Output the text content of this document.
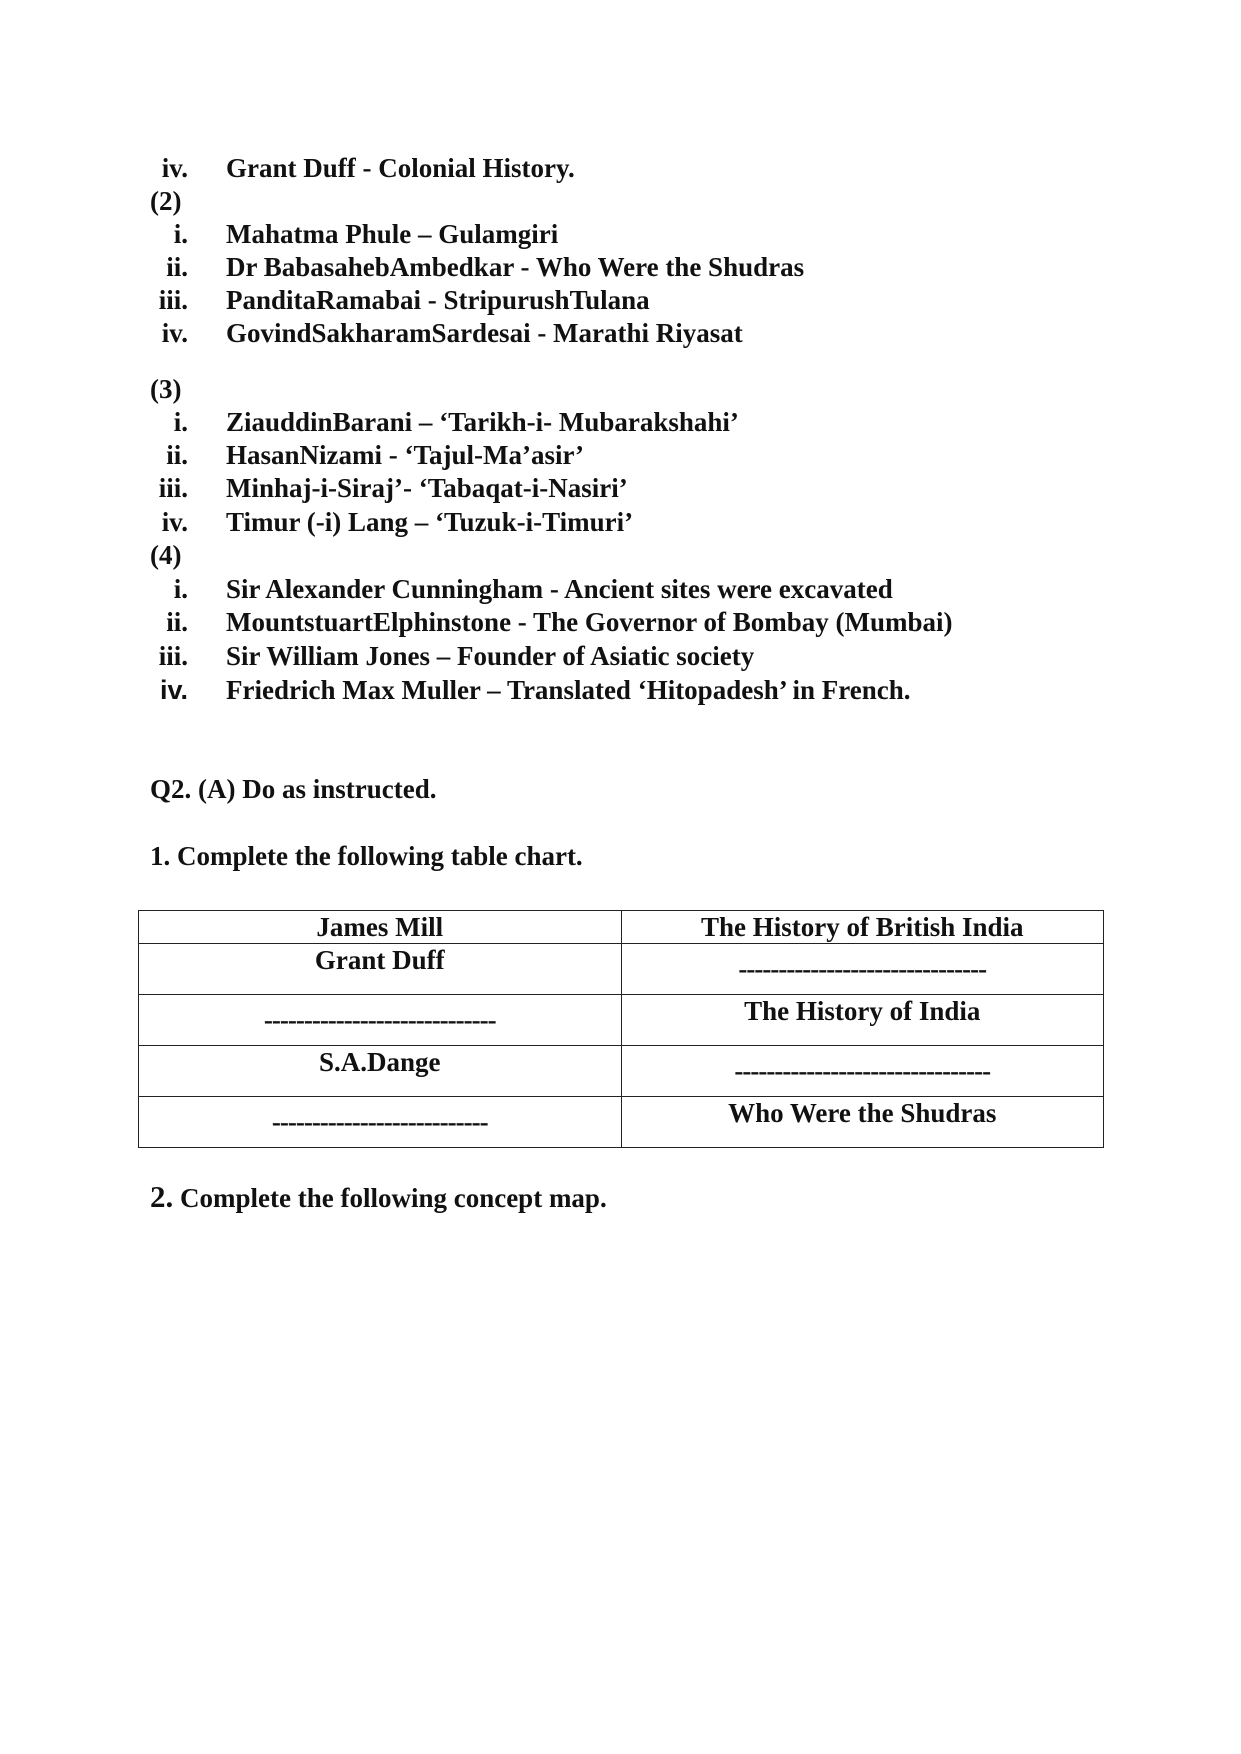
iv. Grant Duff - Colonial History.
(2)
i. Mahatma Phule – Gulamgiri
ii. Dr BabasahebAmbedkar - Who Were the Shudras
iii. PanditaRamabai - StripurushTulana
iv. GovindSakharamSardesai - Marathi Riyasat
(3)
i. ZiauddinBarani – ‘Tarikh-i- Mubarakshahi’
ii. HasanNizami - ‘Tajul-Ma’asir’
iii. Minhaj-i-Siraj’- ‘Tabaqat-i-Nasiri’
iv. Timur (-i) Lang – ‘Tuzuk-i-Timuri’
(4)
i. Sir Alexander Cunningham - Ancient sites were excavated
ii. MountstuartElphinstone - The Governor of Bombay (Mumbai)
iii. Sir William Jones – Founder of Asiatic society
iv. Friedrich Max Muller – Translated ‘Hitopadesh’ in French.
Q2. (A) Do as instructed.
1. Complete the following table chart.
James Mill	The History of British India
Grant Duff	-------------------------------
-----------------------------	The History of India
S.A.Dange	--------------------------------
---------------------------	Who Were the Shudras
2. Complete the following concept map.
